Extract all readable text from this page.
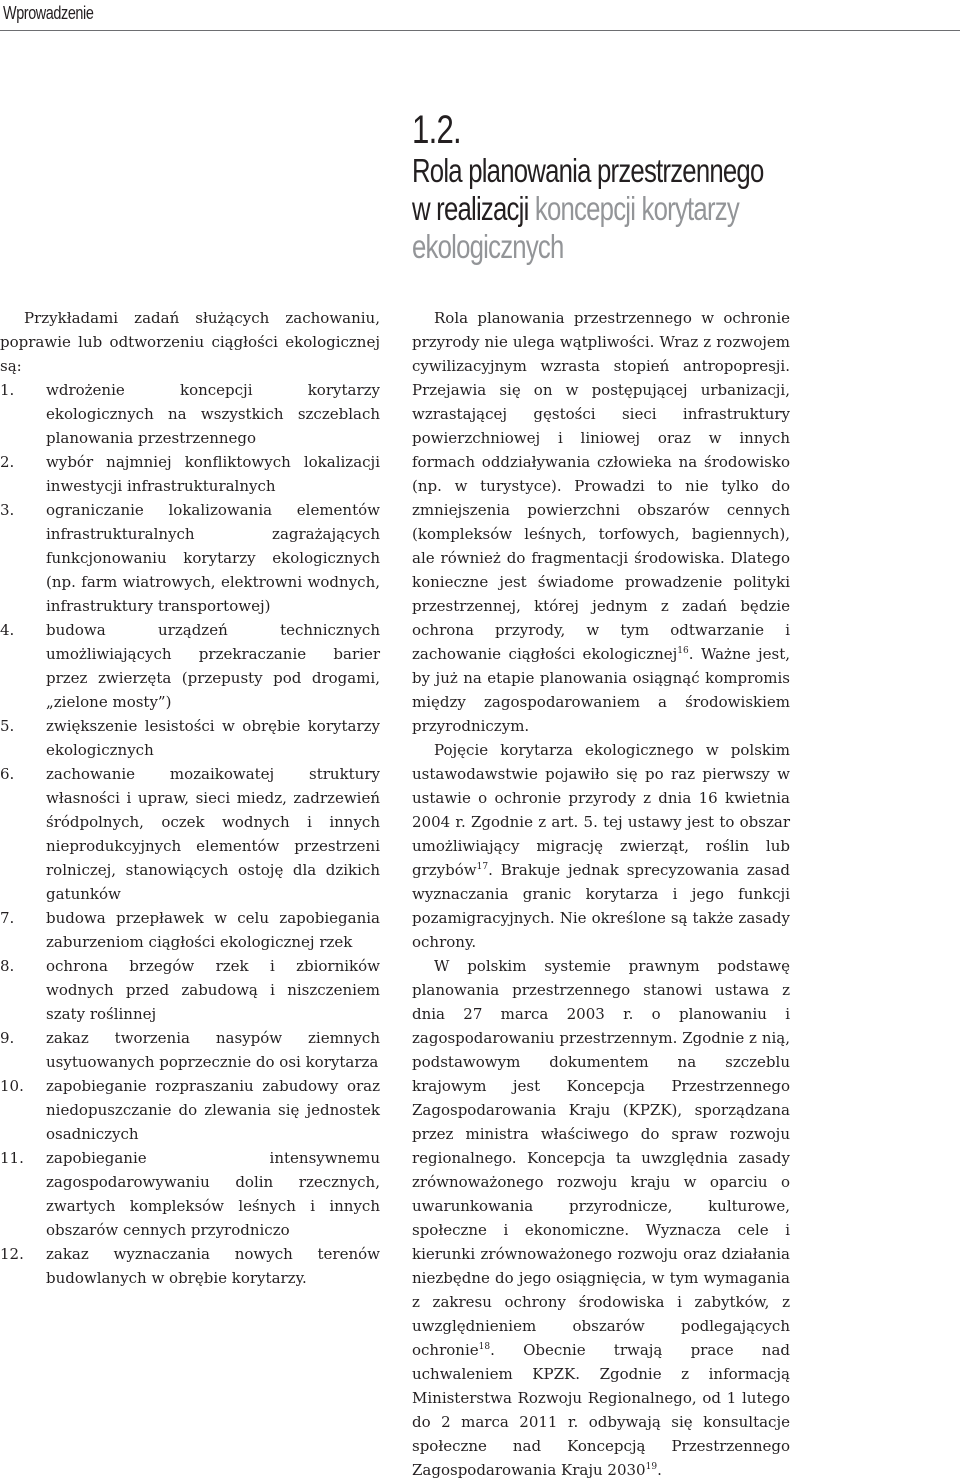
Wprowadzenie
1.2.
Rola planowania przestrzennego
w realizacji koncepcji korytarzy
ekologicznych

Przykładami zadań służących zachowaniu, poprawie lub odtworzeniu ciągłości ekologicznej są:

1. wdrożenie koncepcji korytarzy ekologicznych na wszystkich szczeblach planowania przestrzennego
2. wybór najmniej konfliktowych lokalizacji inwestycji infrastrukturalnych
3. ograniczanie lokalizowania elementów infrastrukturalnych zagrażających funkcjonowaniu korytarzy ekologicznych (np. farm wiatrowych, elektrowni wodnych, infrastruktury transportowej)
4. budowa urządzeń technicznych umożliwiających przekraczanie barier przez zwierzęta (przepusty pod drogami, „zielone mosty”)
5. zwiększenie lesistości w obrębie korytarzy ekologicznych
6. zachowanie mozaikowatej struktury własności i upraw, sieci miedz, zadrzewień śródpolnych, oczek wodnych i innych nieprodukcyjnych elementów przestrzeni rolniczej, stanowiących ostoję dla dzikich gatunków
7. budowa przepławek w celu zapobiegania zaburzeniom ciągłości ekologicznej rzek
8. ochrona brzegów rzek i zbiorników wodnych przed zabudową i niszczeniem szaty roślinnej
9. zakaz tworzenia nasypów ziemnych usytuowanych poprzecznie do osi korytarza
10. zapobieganie rozpraszaniu zabudowy oraz niedopuszczanie do zlewania się jednostek osadniczych
11. zapobieganie intensywnemu zagospodarowywaniu dolin rzecznych, zwartych kompleksów leśnych i innych obszarów cennych przyrodniczo
12. zakaz wyznaczania nowych terenów budowlanych w obrębie korytarzy.

Rola planowania przestrzennego w ochronie przyrody nie ulega wątpliwości. Wraz z rozwojem cywilizacyjnym wzrasta stopień antropopresji. Przejawia się on w postępującej urbanizacji, wzrastającej gęstości sieci infrastruktury powierzchniowej i liniowej oraz w innych formach oddziaływania człowieka na środowisko (np. w turystyce). Prowadzi to nie tylko do zmniejszenia powierzchni obszarów cennych (kompleksów leśnych, torfowych, bagiennych), ale również do fragmentacji środowiska. Dlatego konieczne jest świadome prowadzenie polityki przestrzennej, której jednym z zadań będzie ochrona przyrody, w tym odtwarzanie i zachowanie ciągłości ekologicznej$^{16}$. Ważne jest, by już na etapie planowania osiągnąć kompromis między zagospodarowaniem a środowiskiem przyrodniczym.

Pojęcie korytarza ekologicznego w polskim ustawodawstwie pojawiło się po raz pierwszy w ustawie o ochronie przyrody z dnia 16 kwietnia 2004 r. Zgodnie z art. 5. tej ustawy jest to obszar umożliwiający migrację zwierząt, roślin lub grzybów$^{17}$. Brakuje jednak sprecyzowania zasad wyznaczania granic korytarza i jego funkcji pozamigracyjnych. Nie określone są także zasady ochrony.

W polskim systemie prawnym podstawę planowania przestrzennego stanowi ustawa z dnia 27 marca 2003 r. o planowaniu i zagospodarowaniu przestrzennym. Zgodnie z nią, podstawowym dokumentem na szczeblu krajowym jest Koncepcja Przestrzennego Zagospodarowania Kraju (KPZK), sporządzana przez ministra właściwego do spraw rozwoju regionalnego. Koncepcja ta uwzględnia zasady zrównoważonego rozwoju kraju w oparciu o uwarunkowania przyrodnicze, kulturowe, społeczne i ekonomiczne. Wyznacza cele i kierunki zrównoważonego rozwoju oraz działania niezbędne do jego osiągnięcia, w tym wymagania z zakresu ochrony środowiska i zabytków, z uwzględnieniem obszarów podlegających ochronie$^{18}$. Obecnie trwają prace nad uchwaleniem KPZK. Zgodnie z informacją Ministerstwa Rozwoju Regionalnego, od 1 lutego do 2 marca 2011 r. odbywają się konsultacje społeczne nad Koncepcją Przestrzennego Zagospodarowania Kraju 2030$^{19}$.
